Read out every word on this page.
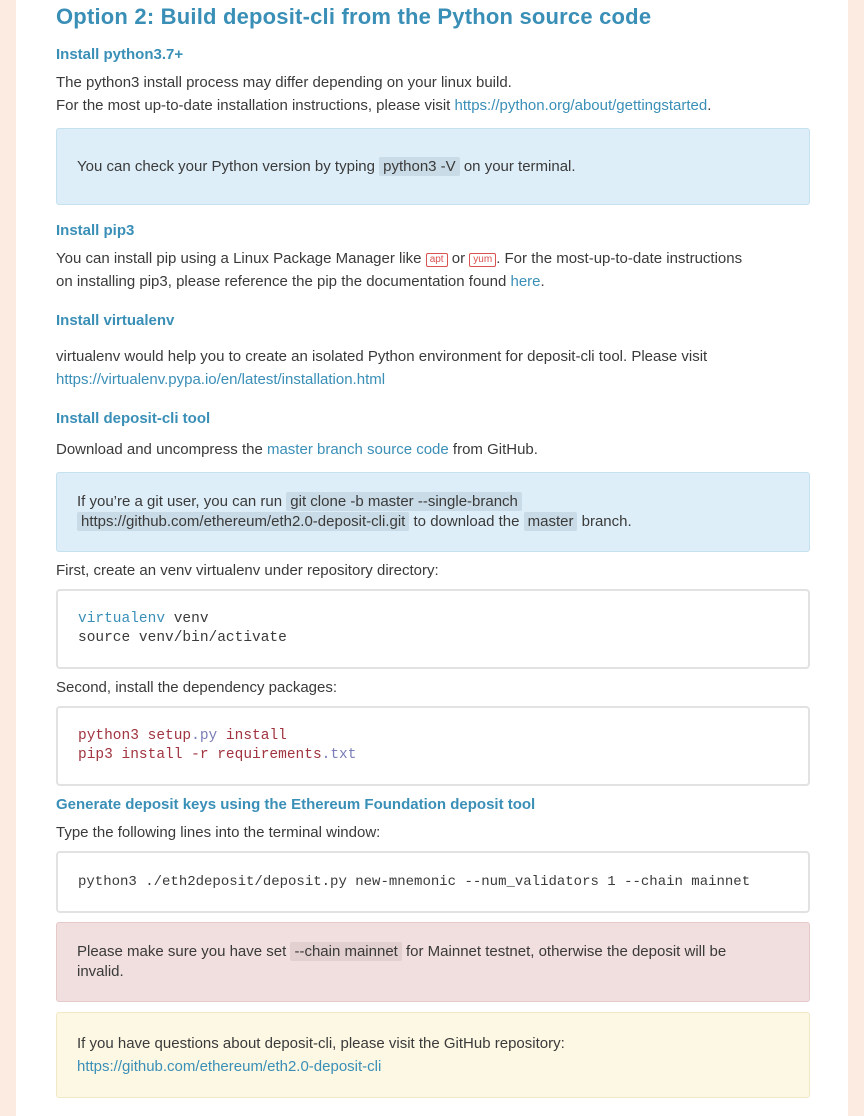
Option 2: Build deposit-cli from the Python source code
Install python3.7+
The python3 install process may differ depending on your linux build.
For the most up-to-date installation instructions, please visit https://python.org/about/gettingstarted.
You can check your Python version by typing python3 -V on your terminal.
Install pip3
You can install pip using a Linux Package Manager like apt or yum . For the most-up-to-date instructions
on installing pip3, please reference the pip the documentation found here.
Install virtualenv
virtualenv would help you to create an isolated Python environment for deposit-cli tool. Please visit
https://virtualenv.pypa.io/en/latest/installation.html
Install deposit-cli tool
Download and uncompress the master branch source code from GitHub.
If you’re a git user, you can run git clone -b master --single-branch
https://github.com/ethereum/eth2.0-deposit-cli.git to download the master branch.
First, create an venv virtualenv under repository directory:
virtualenv venv
source venv/bin/activate
Second, install the dependency packages:
python3 setup.py install
pip3 install -r requirements.txt
Generate deposit keys using the Ethereum Foundation deposit tool
Type the following lines into the terminal window:
python3 ./eth2deposit/deposit.py new-mnemonic --num_validators 1 --chain mainnet
Please make sure you have set --chain mainnet for Mainnet testnet, otherwise the deposit will be
invalid.
If you have questions about deposit-cli, please visit the GitHub repository:
https://github.com/ethereum/eth2.0-deposit-cli
